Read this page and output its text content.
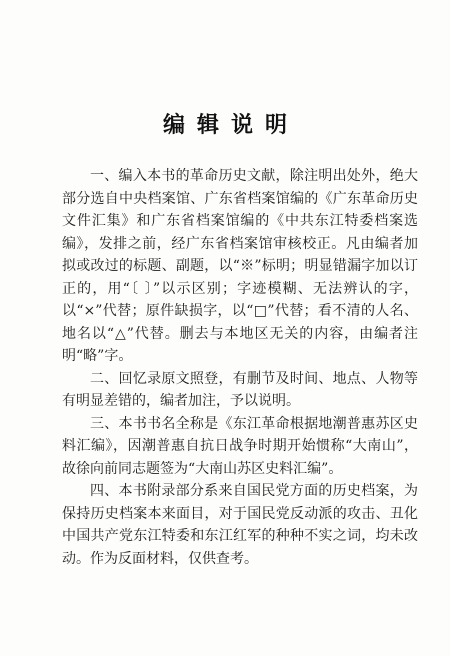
编辑说明

一、编入本书的革命历史文献，除注明出处外，绝大部分选自中央档案馆、广东省档案馆编的《广东革命历史文件汇集》和广东省档案馆编的《中共东江特委档案选编》，发排之前，经广东省档案馆审核校正。凡由编者加拟或改过的标题、副题，以“※”标明；明显错漏字加以订正的，用“〔 〕”以示区别；字迹模糊、无法辨认的字，以“×”代替；原件缺损字，以“□”代替；看不清的人名、地名以“△”代替。删去与本地区无关的内容，由编者注明“略”字。

二、回忆录原文照登，有删节及时间、地点、人物等有明显差错的，编者加注，予以说明。

三、本书书名全称是《东江革命根据地潮普惠苏区史料汇编》，因潮普惠自抗日战争时期开始惯称“大南山”，故徐向前同志题签为“大南山苏区史料汇编”。

四、本书附录部分系来自国民党方面的历史档案，为保持历史档案本来面目，对于国民党反动派的攻击、丑化中国共产党东江特委和东江红军的种种不实之词，均未改动。作为反面材料，仅供查考。
